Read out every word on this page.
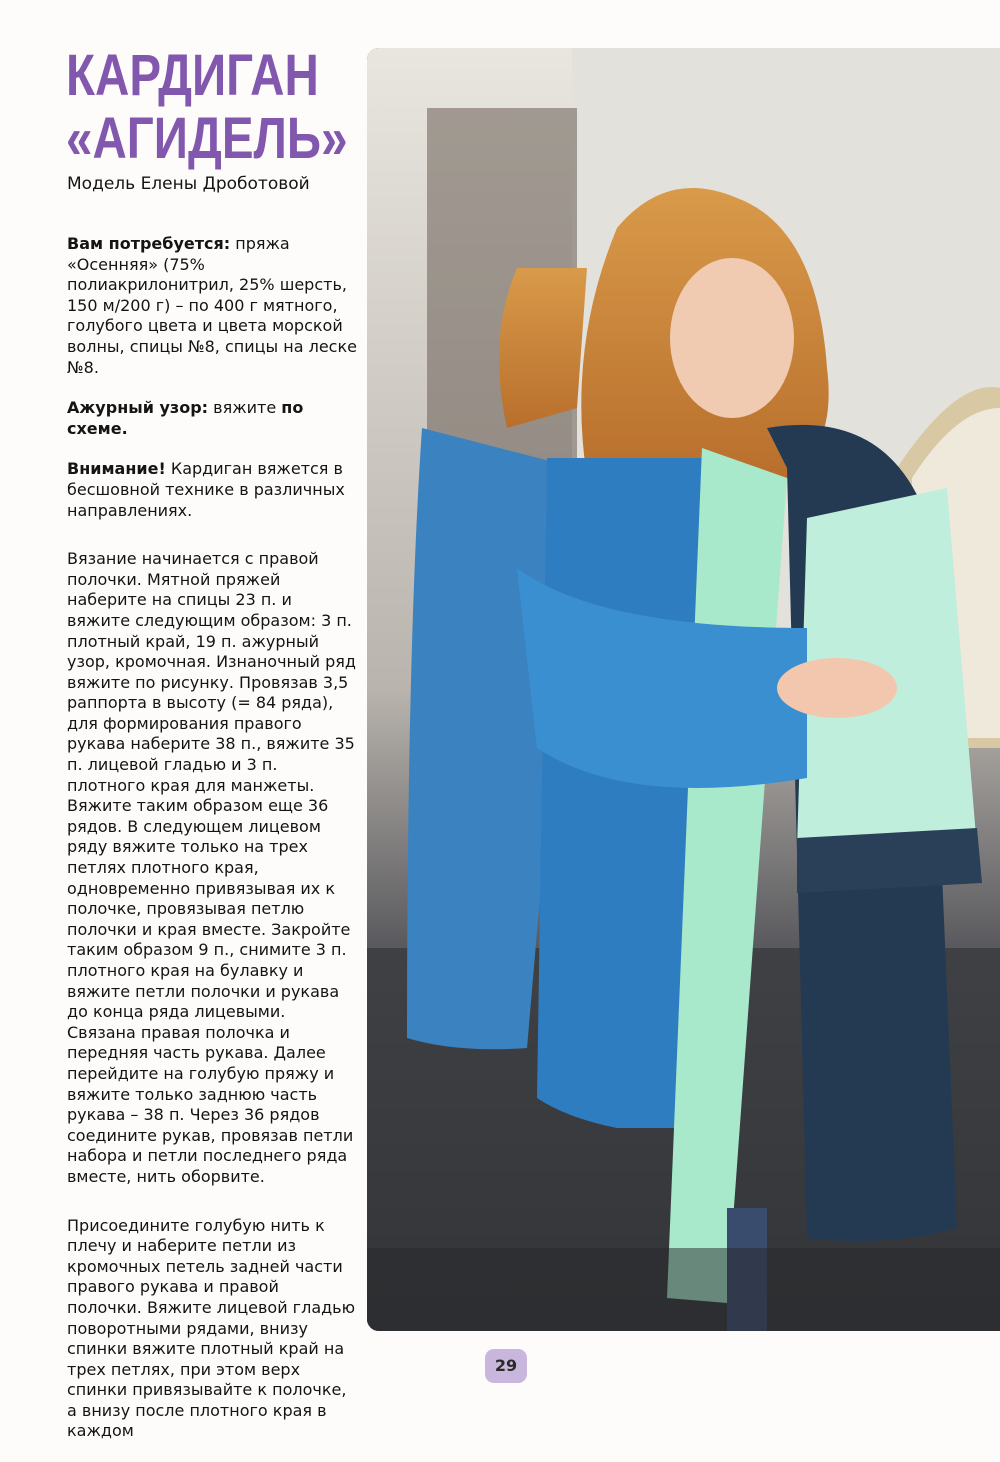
КАРДИГАН
«АГИДЕЛЬ»
Модель Елены Дроботовой

Вам потребуется: пряжа «Осенняя» (75% полиакрилонитрил, 25% шерсть, 150 м/200 г) – по 400 г мятного, голубого цвета и цвета морской волны, спицы №8, спицы на леске №8.

Ажурный узор: вяжите по схеме.

Внимание! Кардиган вяжется в бесшовной технике в различных направлениях.

Вязание начинается с правой полочки. Мятной пряжей наберите на спицы 23 п. и вяжите следующим образом: 3 п. плотный край, 19 п. ажурный узор, кромочная. Изнаночный ряд вяжите по рисунку. Провязав 3,5 раппорта в высоту (= 84 ряда), для формирования правого рукава наберите 38 п., вяжите 35 п. лицевой гладью и 3 п. плотного края для манжеты. Вяжите таким образом еще 36 рядов. В следующем лицевом ряду вяжите только на трех петлях плотного края, одновременно привязывая их к полочке, провязывая петлю полочки и края вместе. Закройте таким образом 9 п., снимите 3 п. плотного края на булавку и вяжите петли полочки и рукава до конца ряда лицевыми. Связана правая полочка и передняя часть рукава. Далее перейдите на голубую пряжу и вяжите только заднюю часть рукава – 38 п. Через 36 рядов соедините рукав, провязав петли набора и петли последнего ряда вместе, нить оборвите.

Присоедините голубую нить к плечу и наберите петли из кромочных петель задней части правого рукава и правой полочки. Вяжите лицевой гладью поворотными рядами, внизу спинки вяжите плотный край на трех петлях, при этом верх спинки привязывайте к полочке, а внизу после плотного края в каждом

29
